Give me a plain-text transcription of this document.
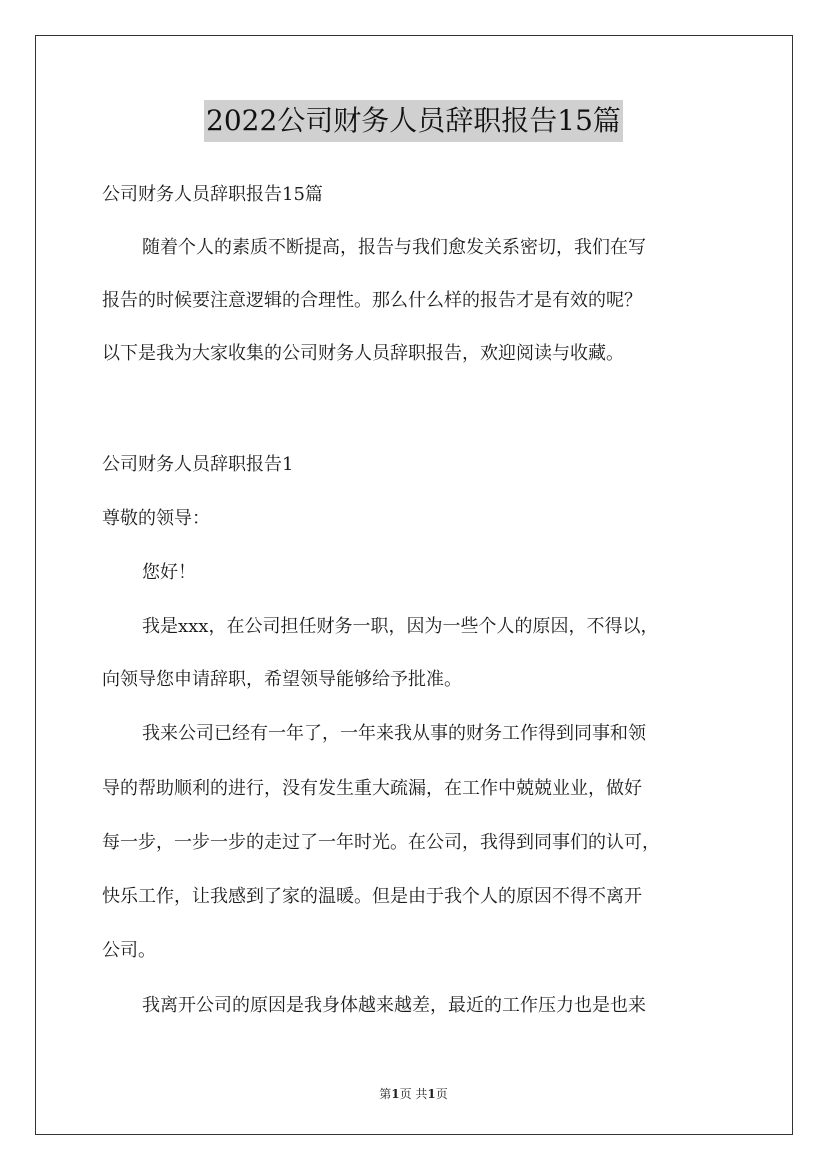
2022公司财务人员辞职报告15篇
公司财务人员辞职报告15篇
随着个人的素质不断提高，报告与我们愈发关系密切，我们在写
报告的时候要注意逻辑的合理性。那么什么样的报告才是有效的呢？
以下是我为大家收集的公司财务人员辞职报告，欢迎阅读与收藏。
公司财务人员辞职报告1
尊敬的领导：
您好！
我是xxx，在公司担任财务一职，因为一些个人的原因，不得以，
向领导您申请辞职，希望领导能够给予批准。
我来公司已经有一年了，一年来我从事的财务工作得到同事和领
导的帮助顺利的进行，没有发生重大疏漏，在工作中兢兢业业，做好
每一步，一步一步的走过了一年时光。在公司，我得到同事们的认可，
快乐工作，让我感到了家的温暖。但是由于我个人的原因不得不离开
公司。
我离开公司的原因是我身体越来越差，最近的工作压力也是也来
第1页 共1页
